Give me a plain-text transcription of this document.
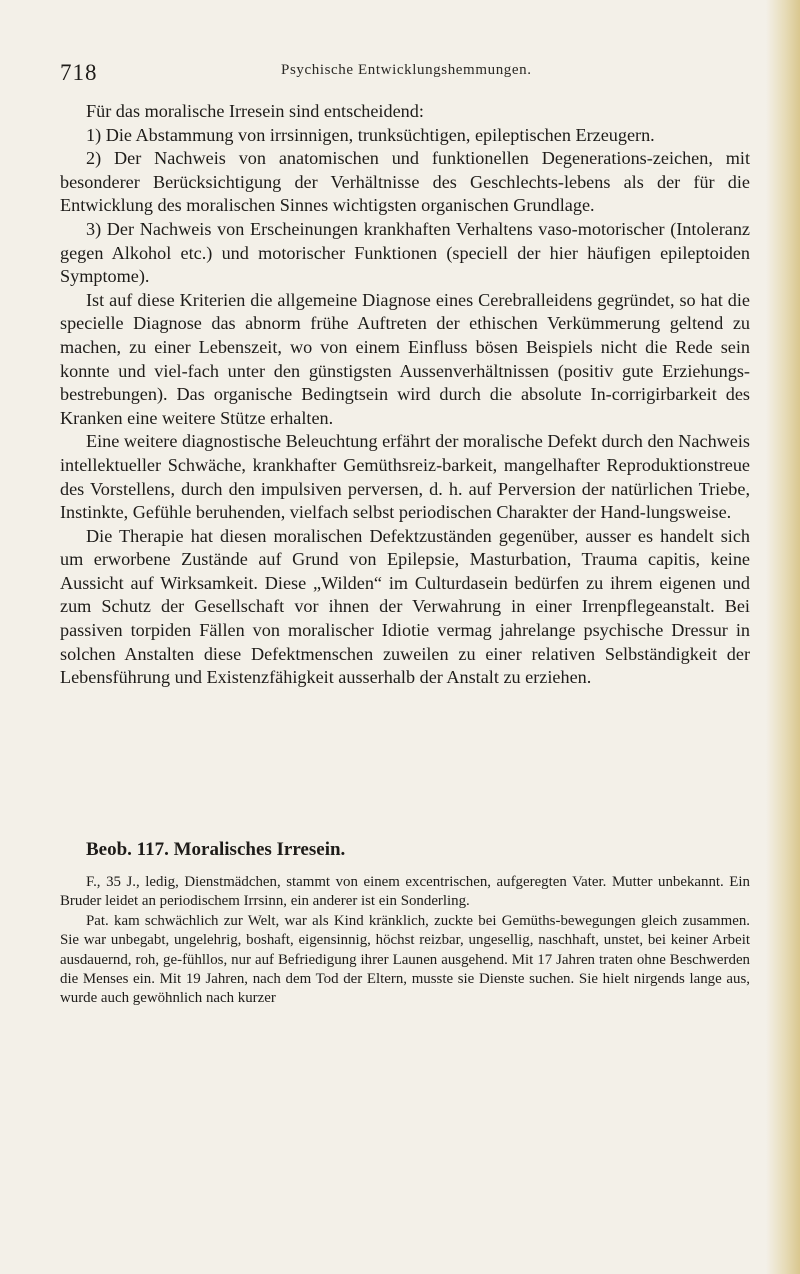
718	Psychische Entwicklungshemmungen.

Für das moralische Irresein sind entscheidend:

1) Die Abstammung von irrsinnigen, trunksüchtigen, epileptischen Erzeugern.

2) Der Nachweis von anatomischen und funktionellen Degenerations-zeichen, mit besonderer Berücksichtigung der Verhältnisse des Geschlechts-lebens als der für die Entwicklung des moralischen Sinnes wichtigsten organischen Grundlage.

3) Der Nachweis von Erscheinungen krankhaften Verhaltens vaso-motorischer (Intoleranz gegen Alkohol etc.) und motorischer Funktionen (speciell der hier häufigen epileptoiden Symptome).

Ist auf diese Kriterien die allgemeine Diagnose eines Cerebralleidens gegründet, so hat die specielle Diagnose das abnorm frühe Auftreten der ethischen Verkümmerung geltend zu machen, zu einer Lebenszeit, wo von einem Einfluss bösen Beispiels nicht die Rede sein konnte und viel-fach unter den günstigsten Aussenverhältnissen (positiv gute Erziehungs-bestrebungen). Das organische Bedingtsein wird durch die absolute In-corrigirbarkeit des Kranken eine weitere Stütze erhalten.

Eine weitere diagnostische Beleuchtung erfährt der moralische Defekt durch den Nachweis intellektueller Schwäche, krankhafter Gemüthsreiz-barkeit, mangelhafter Reproduktionstreue des Vorstellens, durch den impulsiven perversen, d. h. auf Perversion der natürlichen Triebe, Instinkte, Gefühle beruhenden, vielfach selbst periodischen Charakter der Hand-lungsweise.

Die Therapie hat diesen moralischen Defektzuständen gegenüber, ausser es handelt sich um erworbene Zustände auf Grund von Epilepsie, Masturbation, Trauma capitis, keine Aussicht auf Wirksamkeit. Diese „Wilden“ im Culturdasein bedürfen zu ihrem eigenen und zum Schutz der Gesellschaft vor ihnen der Verwahrung in einer Irrenpflegeanstalt. Bei passiven torpiden Fällen von moralischer Idiotie vermag jahrelange psychische Dressur in solchen Anstalten diese Defektmenschen zuweilen zu einer relativen Selbständigkeit der Lebensführung und Existenzfähigkeit ausserhalb der Anstalt zu erziehen.

Beob. 117. Moralisches Irresein.

F., 35 J., ledig, Dienstmädchen, stammt von einem excentrischen, aufgeregten Vater. Mutter unbekannt. Ein Bruder leidet an periodischem Irrsinn, ein anderer ist ein Sonderling.

Pat. kam schwächlich zur Welt, war als Kind kränklich, zuckte bei Gemüths-bewegungen gleich zusammen. Sie war unbegabt, ungelehrig, boshaft, eigensinnig, höchst reizbar, ungesellig, naschhaft, unstet, bei keiner Arbeit ausdauernd, roh, ge-fühllos, nur auf Befriedigung ihrer Launen ausgehend. Mit 17 Jahren traten ohne Beschwerden die Menses ein. Mit 19 Jahren, nach dem Tod der Eltern, musste sie Dienste suchen. Sie hielt nirgends lange aus, wurde auch gewöhnlich nach kurzer
